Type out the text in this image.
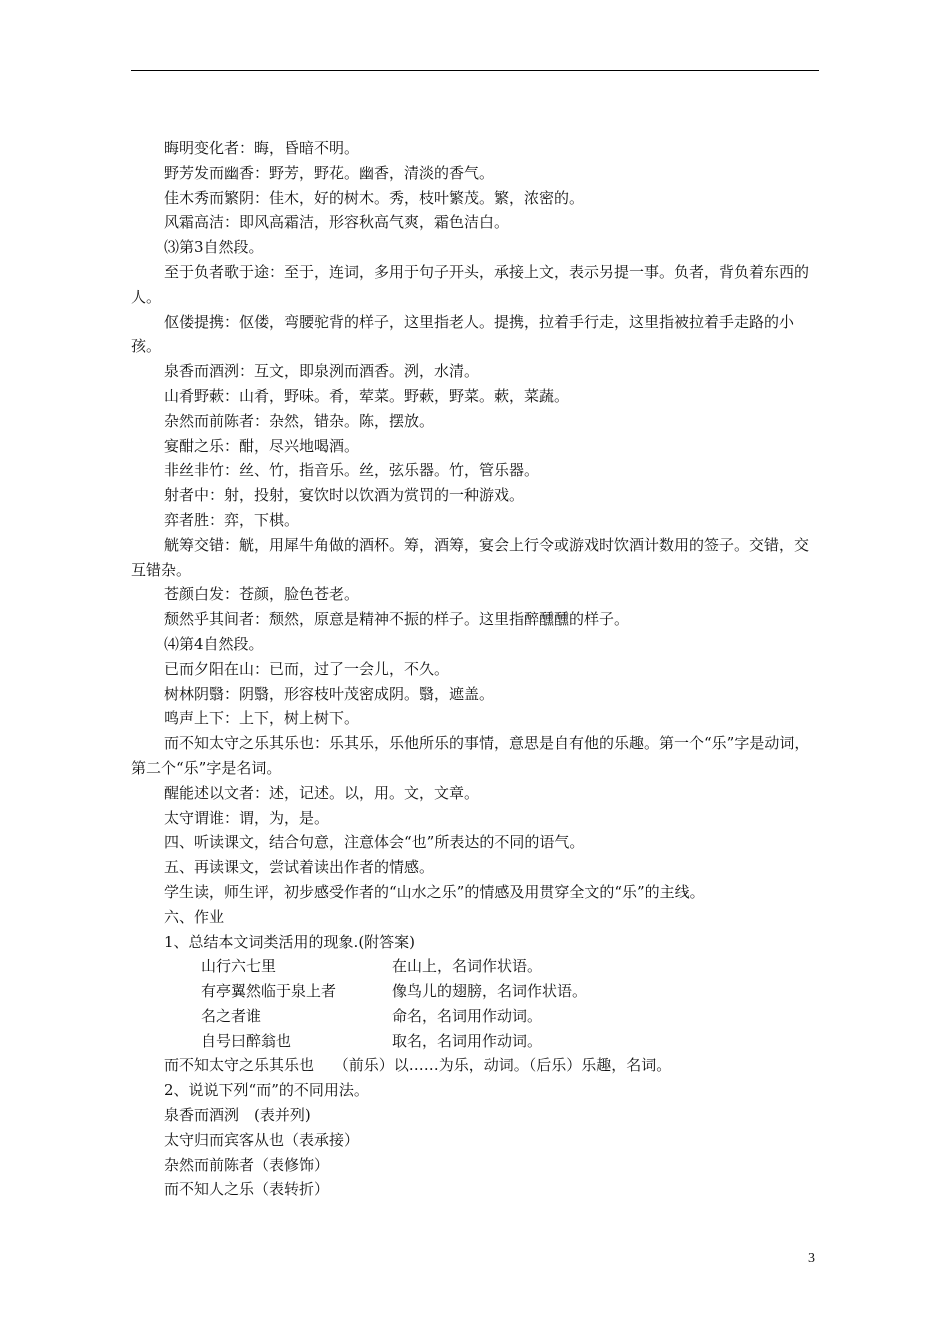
晦明变化者：晦，昏暗不明。

野芳发而幽香：野芳，野花。幽香，清淡的香气。

佳木秀而繁阴：佳木，好的树木。秀，枝叶繁茂。繁，浓密的。

风霜高洁：即风高霜洁，形容秋高气爽，霜色洁白。

⑶第3自然段。

至于负者歌于途：至于，连词，多用于句子开头，承接上文，表示另提一事。负者，背负着东西的人。

伛偻提携：伛偻，弯腰驼背的样子，这里指老人。提携，拉着手行走，这里指被拉着手走路的小孩。

泉香而酒洌：互文，即泉洌而酒香。洌，水清。

山肴野蔌：山肴，野味。肴，荤菜。野蔌，野菜。蔌，菜蔬。

杂然而前陈者：杂然，错杂。陈，摆放。

宴酣之乐：酣，尽兴地喝酒。

非丝非竹：丝、竹，指音乐。丝，弦乐器。竹，管乐器。

射者中：射，投射，宴饮时以饮酒为赏罚的一种游戏。

弈者胜：弈，下棋。

觥筹交错：觥，用犀牛角做的酒杯。筹，酒筹，宴会上行令或游戏时饮酒计数用的签子。交错，交互错杂。

苍颜白发：苍颜，脸色苍老。

颓然乎其间者：颓然，原意是精神不振的样子。这里指醉醺醺的样子。

⑷第4自然段。

已而夕阳在山：已而，过了一会儿，不久。

树林阴翳：阴翳，形容枝叶茂密成阴。翳，遮盖。

鸣声上下：上下，树上树下。

而不知太守之乐其乐也：乐其乐，乐他所乐的事情，意思是自有他的乐趣。第一个“乐”字是动词，第二个“乐”字是名词。

醒能述以文者：述，记述。以，用。文，文章。

太守谓谁：谓，为，是。

四、听读课文，结合句意，注意体会“也”所表达的不同的语气。

五、再读课文，尝试着读出作者的情感。

学生读，师生评，初步感受作者的“山水之乐”的情感及用贯穿全文的“乐”的主线。

六、作业

1、总结本文词类活用的现象.(附答案)

山行六七里	在山上，名词作状语。
有亭翼然临于泉上者	像鸟儿的翅膀，名词作状语。
名之者谁	命名，名词用作动词。
自号曰醉翁也	取名，名词用作动词。

而不知太守之乐其乐也　 （前乐）以……为乐，动词。（后乐）乐趣，名词。

2、说说下列“而”的不同用法。

泉香而酒洌　(表并列)

太守归而宾客从也（表承接）

杂然而前陈者（表修饰）

而不知人之乐（表转折）

3
